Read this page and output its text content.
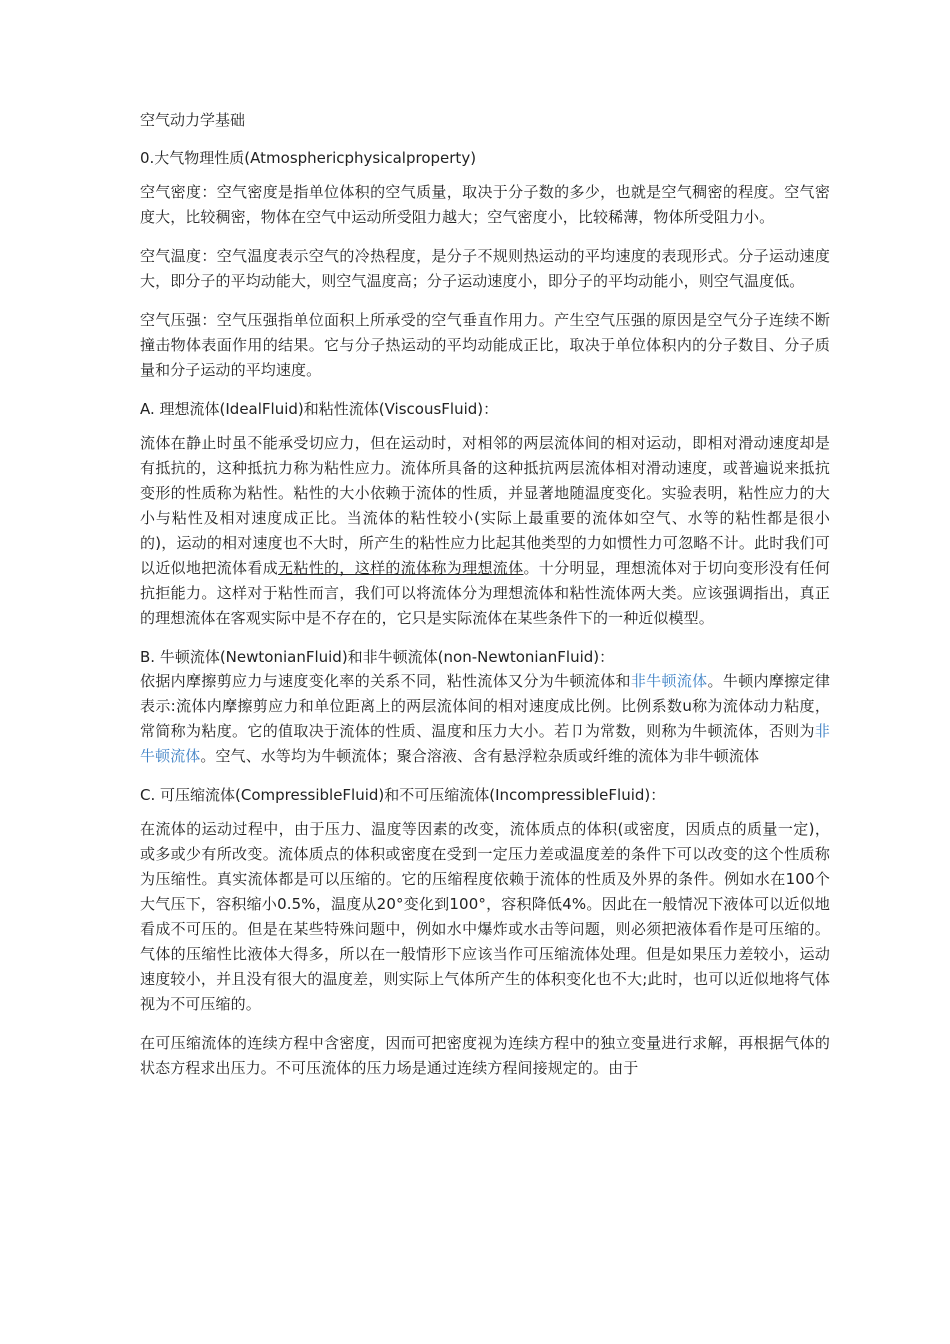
空气动力学基础
0.大气物理性质(Atmosphericphysicalproperty)

空气密度：空气密度是指单位体积的空气质量，取决于分子数的多少，也就是空气稠密的程度。空气密度大，比较稠密，物体在空气中运动所受阻力越大；空气密度小，比较稀薄，物体所受阻力小。

空气温度：空气温度表示空气的冷热程度，是分子不规则热运动的平均速度的表现形式。分子运动速度大，即分子的平均动能大，则空气温度高；分子运动速度小，即分子的平均动能小，则空气温度低。

空气压强：空气压强指单位面积上所承受的空气垂直作用力。产生空气压强的原因是空气分子连续不断撞击物体表面作用的结果。它与分子热运动的平均动能成正比，取决于单位体积内的分子数目、分子质量和分子运动的平均速度。

A. 理想流体(IdealFluid)和粘性流体(ViscousFluid)：

流体在静止时虽不能承受切应力，但在运动时，对相邻的两层流体间的相对运动，即相对滑动速度却是有抵抗的，这种抵抗力称为粘性应力。流体所具备的这种抵抗两层流体相对滑动速度，或普遍说来抵抗变形的性质称为粘性。粘性的大小依赖于流体的性质，并显著地随温度变化。实验表明，粘性应力的大小与粘性及相对速度成正比。当流体的粘性较小(实际上最重要的流体如空气、水等的粘性都是很小的)，运动的相对速度也不大时，所产生的粘性应力比起其他类型的力如惯性力可忽略不计。此时我们可以近似地把流体看成无粘性的，这样的流体称为理想流体。十分明显，理想流体对于切向变形没有任何抗拒能力。这样对于粘性而言，我们可以将流体分为理想流体和粘性流体两大类。应该强调指出，真正的理想流体在客观实际中是不存在的，它只是实际流体在某些条件下的一种近似模型。

B. 牛顿流体(NewtonianFluid)和非牛顿流体(non-NewtonianFluid)：

依据内摩擦剪应力与速度变化率的关系不同，粘性流体又分为牛顿流体和非牛顿流体。牛顿内摩擦定律表示:流体内摩擦剪应力和单位距离上的两层流体间的相对速度成比例。比例系数u称为流体动力粘度，常简称为粘度。它的值取决于流体的性质、温度和压力大小。若卩为常数，则称为牛顿流体，否则为非牛顿流体。空气、水等均为牛顿流体；聚合溶液、含有悬浮粒杂质或纤维的流体为非牛顿流体

C. 可压缩流体(CompressibleFluid)和不可压缩流体(IncompressibleFluid)：

在流体的运动过程中，由于压力、温度等因素的改变，流体质点的体积(或密度，因质点的质量一定)，或多或少有所改变。流体质点的体积或密度在受到一定压力差或温度差的条件下可以改变的这个性质称为压缩性。真实流体都是可以压缩的。它的压缩程度依赖于流体的性质及外界的条件。例如水在100个大气压下，容积缩小0.5%，温度从20°变化到100°，容积降低4%。因此在一般情况下液体可以近似地看成不可压的。但是在某些特殊问题中，例如水中爆炸或水击等问题，则必须把液体看作是可压缩的。气体的压缩性比液体大得多，所以在一般情形下应该当作可压缩流体处理。但是如果压力差较小，运动速度较小，并且没有很大的温度差，则实际上气体所产生的体积变化也不大;此时，也可以近似地将气体视为不可压缩的。

在可压缩流体的连续方程中含密度，因而可把密度视为连续方程中的独立变量进行求解，再根据气体的状态方程求出压力。不可压流体的压力场是通过连续方程间接规定的。由于
